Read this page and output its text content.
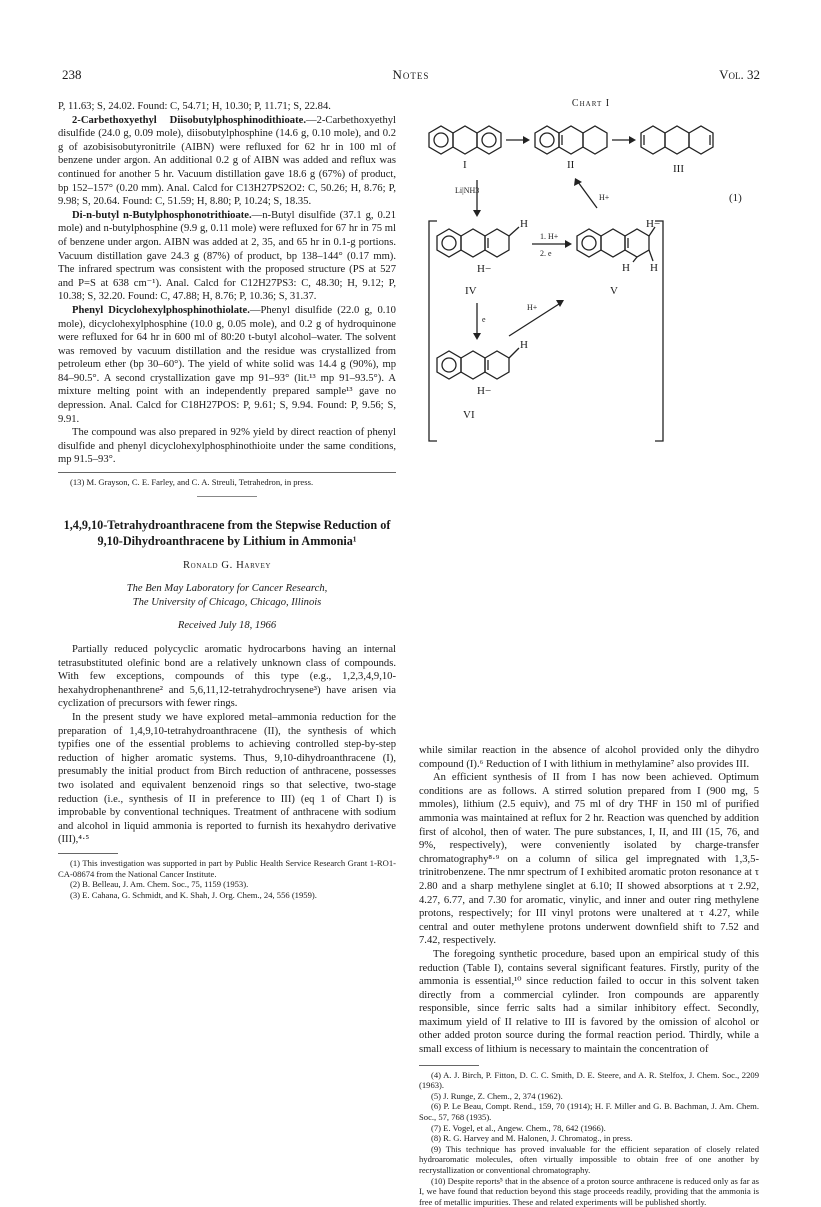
238	Notes	Vol. 32

P, 11.63; S, 24.02. Found: C, 54.71; H, 10.30; P, 11.71; S, 22.84.

2-Carbethoxyethyl Diisobutylphosphinodithioate.—2-Carbethoxyethyl disulfide (24.0 g, 0.09 mole), diisobutylphosphine (14.6 g, 0.10 mole), and 0.2 g of azobisisobutyronitrile (AIBN) were refluxed for 62 hr in 100 ml of benzene under argon. An additional 0.2 g of AIBN was added and reflux was continued for another 5 hr. Vacuum distillation gave 18.6 g (67%) of product, bp 152–157° (0.20 mm). Anal. Calcd for C13H27PS2O2: C, 50.26; H, 8.76; P, 9.98; S, 20.64. Found: C, 51.59; H, 8.80; P, 10.24; S, 18.35.

Di-n-butyl n-Butylphosphonotrithioate.—n-Butyl disulfide (37.1 g, 0.21 mole) and n-butylphosphine (9.9 g, 0.11 mole) were refluxed for 67 hr in 75 ml of benzene under argon. AIBN was added at 2, 35, and 65 hr in 0.1-g portions. Vacuum distillation gave 24.3 g (87%) of product, bp 138–144° (0.17 mm). The infrared spectrum was consistent with the proposed structure (PS at 527 and P=S at 638 cm⁻¹). Anal. Calcd for C12H27PS3: C, 48.30; H, 9.12; P, 10.38; S, 32.20. Found: C, 47.88; H, 8.76; P, 10.36; S, 31.37.

Phenyl Dicyclohexylphosphinothiolate.—Phenyl disulfide (22.0 g, 0.10 mole), dicyclohexylphosphine (10.0 g, 0.05 mole), and 0.2 g of hydroquinone were refluxed for 64 hr in 600 ml of 80:20 t-butyl alcohol–water. The solvent was removed by vacuum distillation and the residue was crystallized from petroleum ether (bp 30–60°). The yield of white solid was 14.4 g (90%), mp 84–90.5°. A second crystallization gave mp 91–93° (lit.¹³ mp 91–93.5°). A mixture melting point with an independently prepared sample¹³ gave no depression. Anal. Calcd for C18H27POS: P, 9.61; S, 9.94. Found: P, 9.56; S, 9.91.

The compound was also prepared in 92% yield by direct reaction of phenyl disulfide and phenyl dicyclohexylphosphinothioite under the same conditions, mp 91.5–93°.

(13) M. Grayson, C. E. Farley, and C. A. Streuli, Tetrahedron, in press.

1,4,9,10-Tetrahydroanthracene from the Stepwise Reduction of 9,10-Dihydroanthracene by Lithium in Ammonia¹
Ronald G. Harvey
The Ben May Laboratory for Cancer Research,
The University of Chicago, Chicago, Illinois
Received July 18, 1966

Partially reduced polycyclic aromatic hydrocarbons having an internal tetrasubstituted olefinic bond are a relatively unknown class of compounds. With few exceptions, compounds of this type (e.g., 1,2,3,4,9,10-hexahydrophenanthrene² and 5,6,11,12-tetrahydrochrysene³) have arisen via cyclization of precursors with fewer rings.

In the present study we have explored metal–ammonia reduction for the preparation of 1,4,9,10-tetrahydroanthracene (II), the synthesis of which typifies one of the essential problems to achieving controlled step-by-step reduction of higher aromatic systems. Thus, 9,10-dihydroanthracene (I), presumably the initial product from Birch reduction of anthracene, possesses two isolated and equivalent benzenoid rings so that selective, two-stage reduction (i.e., synthesis of II in preference to III) (eq 1 of Chart I) is improbable by conventional techniques. Treatment of anthracene with sodium and alcohol in liquid ammonia is reported to furnish its hexahydro derivative (III),⁴·⁵

(1) This investigation was supported in part by Public Health Service Research Grant 1-RO1-CA-08674 from the National Cancer Institute.

(2) B. Belleau, J. Am. Chem. Soc., 75, 1159 (1953).

(3) E. Cahana, G. Schmidt, and K. Shah, J. Org. Chem., 24, 556 (1959).

Chart I
I	II	III
Li|NH3
H+	(1)
H
H−
IV
1. H+
2. e
H−
H H
V
e
H+
H
H−
VI

while similar reaction in the absence of alcohol provided only the dihydro compound (I).⁶ Reduction of I with lithium in methylamine⁷ also provides III.

An efficient synthesis of II from I has now been achieved. Optimum conditions are as follows. A stirred solution prepared from I (900 mg, 5 mmoles), lithium (2.5 equiv), and 75 ml of dry THF in 150 ml of purified ammonia was maintained at reflux for 2 hr. Reaction was quenched by addition first of alcohol, then of water. The pure substances, I, II, and III (15, 76, and 9%, respectively), were conveniently isolated by charge-transfer chromatography⁸·⁹ on a column of silica gel impregnated with 1,3,5-trinitrobenzene. The nmr spectrum of I exhibited aromatic proton resonance at τ 2.80 and a sharp methylene singlet at 6.10; II showed absorptions at τ 2.92, 4.27, 6.77, and 7.30 for aromatic, vinylic, and inner and outer ring methylene protons, respectively; for III vinyl protons were unaltered at τ 4.27, while central and outer methylene protons underwent downfield shift to 7.52 and 7.42, respectively.

The foregoing synthetic procedure, based upon an empirical study of this reduction (Table I), contains several significant features. Firstly, purity of the ammonia is essential,¹⁰ since reduction failed to occur in this solvent taken directly from a commercial cylinder. Iron compounds are apparently responsible, since ferric salts had a similar inhibitory effect. Secondly, maximum yield of II relative to III is favored by the omission of alcohol or other added proton source during the formal reaction period. Thirdly, while a small excess of lithium is necessary to maintain the concentration of

(4) A. J. Birch, P. Fitton, D. C. C. Smith, D. E. Steere, and A. R. Stelfox, J. Chem. Soc., 2209 (1963).

(5) J. Runge, Z. Chem., 2, 374 (1962).

(6) P. Le Beau, Compt. Rend., 159, 70 (1914); H. F. Miller and G. B. Bachman, J. Am. Chem. Soc., 57, 768 (1935).

(7) E. Vogel, et al., Angew. Chem., 78, 642 (1966).

(8) R. G. Harvey and M. Halonen, J. Chromatog., in press.

(9) This technique has proved invaluable for the efficient separation of closely related hydroaromatic molecules, often virtually impossible to obtain free of one another by recrystallization or conventional chromatography.

(10) Despite reports⁵ that in the absence of a proton source anthracene is reduced only as far as I, we have found that reduction beyond this stage proceeds readily, providing that the ammonia is free of metallic impurities. These and related experiments will be published shortly.
